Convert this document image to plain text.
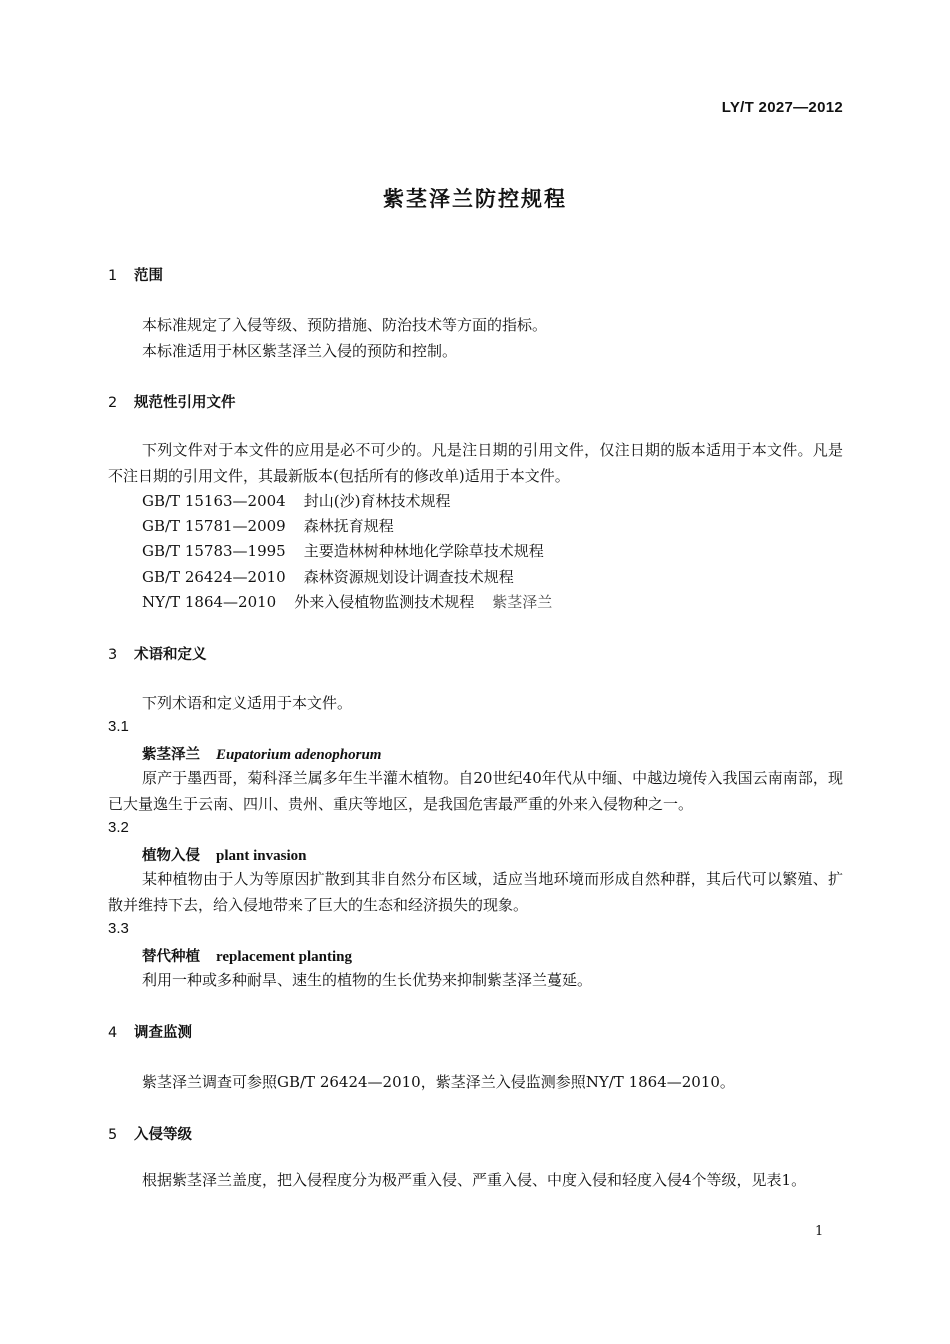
LY/T 2027—2012
紫茎泽兰防控规程
1 范围
本标准规定了入侵等级、预防措施、防治技术等方面的指标。
本标准适用于林区紫茎泽兰入侵的预防和控制。
2 规范性引用文件
下列文件对于本文件的应用是必不可少的。凡是注日期的引用文件，仅注日期的版本适用于本文件。凡是不注日期的引用文件，其最新版本(包括所有的修改单)适用于本文件。
GB/T 15163—2004 封山(沙)育林技术规程
GB/T 15781—2009 森林抚育规程
GB/T 15783—1995 主要造林树种林地化学除草技术规程
GB/T 26424—2010 森林资源规划设计调查技术规程
NY/T 1864—2010 外来入侵植物监测技术规程 紫茎泽兰
3 术语和定义
下列术语和定义适用于本文件。
3.1
紫茎泽兰 Eupatorium adenophorum
原产于墨西哥，菊科泽兰属多年生半灌木植物。自20世纪40年代从中缅、中越边境传入我国云南南部，现已大量逸生于云南、四川、贵州、重庆等地区，是我国危害最严重的外来入侵物种之一。
3.2
植物入侵 plant invasion
某种植物由于人为等原因扩散到其非自然分布区域，适应当地环境而形成自然种群，其后代可以繁殖、扩散并维持下去，给入侵地带来了巨大的生态和经济损失的现象。
3.3
替代种植 replacement planting
利用一种或多种耐旱、速生的植物的生长优势来抑制紫茎泽兰蔓延。
4 调查监测
紫茎泽兰调查可参照GB/T 26424—2010，紫茎泽兰入侵监测参照NY/T 1864—2010。
5 入侵等级
根据紫茎泽兰盖度，把入侵程度分为极严重入侵、严重入侵、中度入侵和轻度入侵4个等级，见表1。
1
